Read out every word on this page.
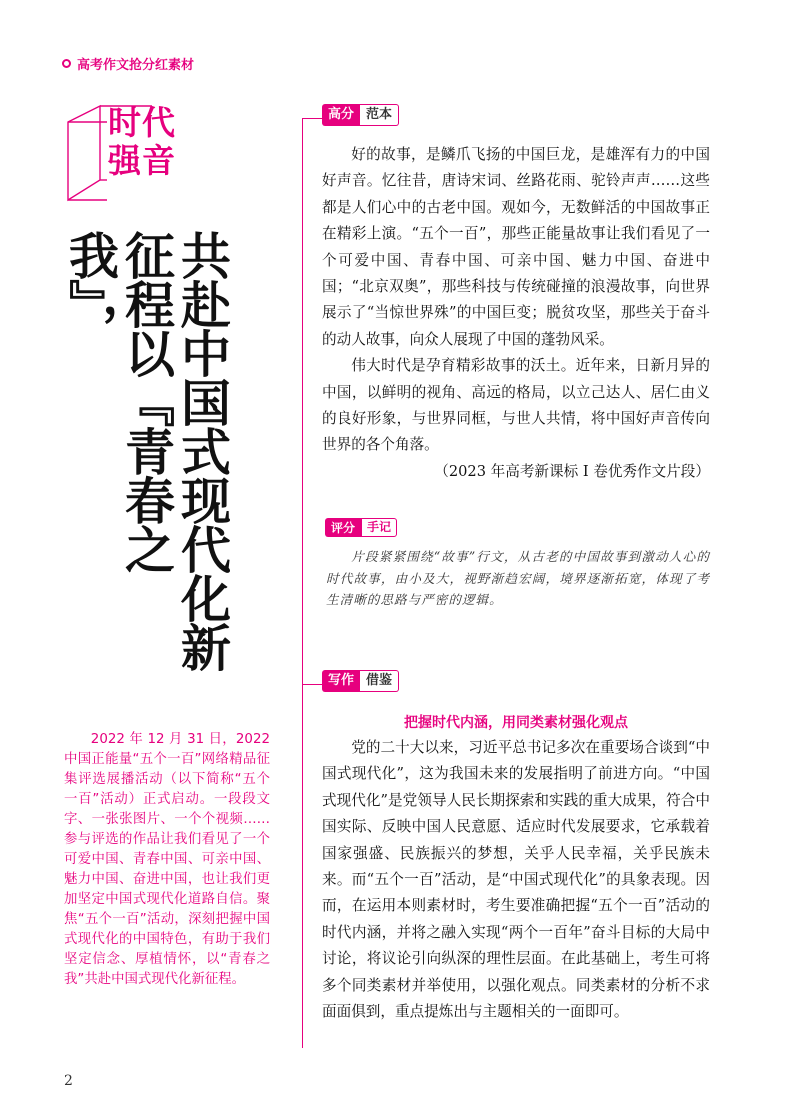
高考作文抢分红素材
时代
强音
共赴中国式现代化新征程以『青春之我』，

2022 年 12 月 31 日，2022 中国正能量“五个一百”网络精品征集评选展播活动（以下简称“五个一百”活动）正式启动。一段段文字、一张张图片、一个个视频……参与评选的作品让我们看见了一个可爱中国、青春中国、可亲中国、魅力中国、奋进中国，也让我们更加坚定中国式现代化道路自信。聚焦“五个一百”活动，深刻把握中国式现代化的中国特色，有助于我们坚定信念、厚植情怀，以“青春之我”共赴中国式现代化新征程。

高分 范本

好的故事，是鳞爪飞扬的中国巨龙，是雄浑有力的中国好声音。忆往昔，唐诗宋词、丝路花雨、驼铃声声……这些都是人们心中的古老中国。观如今，无数鲜活的中国故事正在精彩上演。“五个一百”，那些正能量故事让我们看见了一个可爱中国、青春中国、可亲中国、魅力中国、奋进中国；“北京双奥”，那些科技与传统碰撞的浪漫故事，向世界展示了“当惊世界殊”的中国巨变；脱贫攻坚，那些关于奋斗的动人故事，向众人展现了中国的蓬勃风采。

伟大时代是孕育精彩故事的沃土。近年来，日新月异的中国，以鲜明的视角、高远的格局，以立己达人、居仁由义的良好形象，与世界同框，与世人共情，将中国好声音传向世界的各个角落。

（2023 年高考新课标 I 卷优秀作文片段）

评分	手记

片段紧紧围绕“故事”行文，从古老的中国故事到激动人心的时代故事，由小及大，视野渐趋宏阔，境界逐渐拓宽，体现了考生清晰的思路与严密的逻辑。

写作 借鉴
把握时代内涵，用同类素材强化观点

党的二十大以来，习近平总书记多次在重要场合谈到“中国式现代化”，这为我国未来的发展指明了前进方向。“中国式现代化”是党领导人民长期探索和实践的重大成果，符合中国实际、反映中国人民意愿、适应时代发展要求，它承载着国家强盛、民族振兴的梦想，关乎人民幸福，关乎民族未来。而“五个一百”活动，是“中国式现代化”的具象表现。因而，在运用本则素材时，考生要准确把握“五个一百”活动的时代内涵，并将之融入实现“两个一百年”奋斗目标的大局中讨论，将议论引向纵深的理性层面。在此基础上，考生可将多个同类素材并举使用，以强化观点。同类素材的分析不求面面俱到，重点提炼出与主题相关的一面即可。

2
